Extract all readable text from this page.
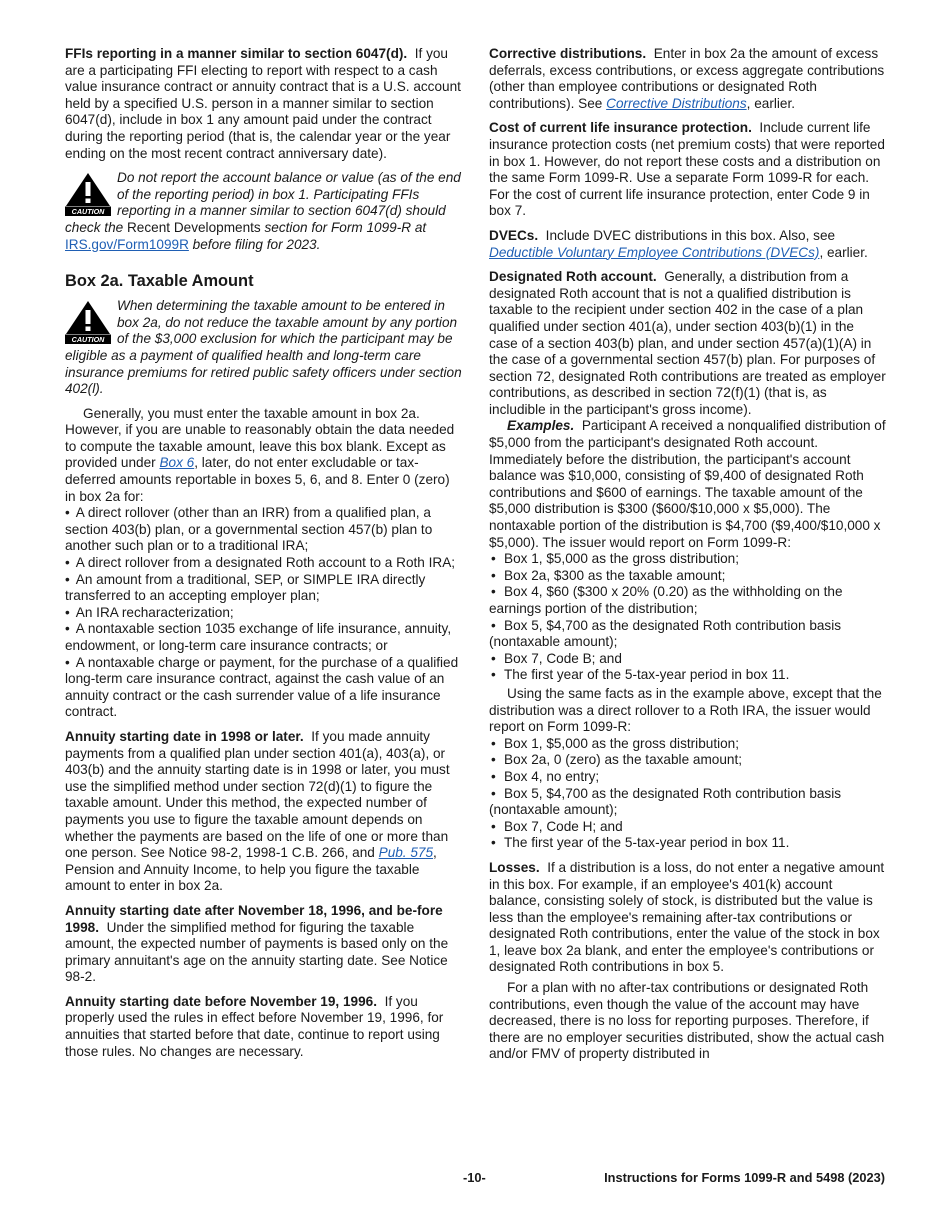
FFIs reporting in a manner similar to section 6047(d). If you are a participating FFI electing to report with respect to a cash value insurance contract or annuity contract that is a U.S. account held by a specified U.S. person in a manner similar to section 6047(d), include in box 1 any amount paid under the contract during the reporting period (that is, the calendar year or the year ending on the most recent contract anniversary date).

CAUTION
Do not report the account balance or value (as of the end of the reporting period) in box 1. Participating FFIs reporting in a manner similar to section 6047(d) should check the Recent Developments section for Form 1099-R at IRS.gov/Form1099R before filing for 2023.
Box 2a. Taxable Amount
CAUTION
When determining the taxable amount to be entered in box 2a, do not reduce the taxable amount by any portion of the $3,000 exclusion for which the participant may be eligible as a payment of qualified health and long-term care insurance premiums for retired public safety officers under section 402(l).

Generally, you must enter the taxable amount in box 2a. However, if you are unable to reasonably obtain the data needed to compute the taxable amount, leave this box blank. Except as provided under Box 6, later, do not enter excludable or tax-deferred amounts reportable in boxes 5, 6, and 8. Enter 0 (zero) in box 2a for:

• A direct rollover (other than an IRR) from a qualified plan, a section 403(b) plan, or a governmental section 457(b) plan to another such plan or to a traditional IRA;
• A direct rollover from a designated Roth account to a Roth IRA;
• An amount from a traditional, SEP, or SIMPLE IRA directly transferred to an accepting employer plan;
• An IRA recharacterization;
• A nontaxable section 1035 exchange of life insurance, annuity, endowment, or long-term care insurance contracts; or
• A nontaxable charge or payment, for the purchase of a qualified long-term care insurance contract, against the cash value of an annuity contract or the cash surrender value of a life insurance contract.

Annuity starting date in 1998 or later. If you made annuity payments from a qualified plan under section 401(a), 403(a), or 403(b) and the annuity starting date is in 1998 or later, you must use the simplified method under section 72(d)(1) to figure the taxable amount. Under this method, the expected number of payments you use to figure the taxable amount depends on whether the payments are based on the life of one or more than one person. See Notice 98-2, 1998-1 C.B. 266, and Pub. 575, Pension and Annuity Income, to help you figure the taxable amount to enter in box 2a.

Annuity starting date after November 18, 1996, and be-fore 1998. Under the simplified method for figuring the taxable amount, the expected number of payments is based only on the primary annuitant's age on the annuity starting date. See Notice 98-2.

Annuity starting date before November 19, 1996. If you properly used the rules in effect before November 19, 1996, for annuities that started before that date, continue to report using those rules. No changes are necessary.

Corrective distributions. Enter in box 2a the amount of excess deferrals, excess contributions, or excess aggregate contributions (other than employee contributions or designated Roth contributions). See Corrective Distributions, earlier.

Cost of current life insurance protection. Include current life insurance protection costs (net premium costs) that were reported in box 1. However, do not report these costs and a distribution on the same Form 1099-R. Use a separate Form 1099-R for each. For the cost of current life insurance protection, enter Code 9 in box 7.

DVECs. Include DVEC distributions in this box. Also, see Deductible Voluntary Employee Contributions (DVECs), earlier.

Designated Roth account. Generally, a distribution from a designated Roth account that is not a qualified distribution is taxable to the recipient under section 402 in the case of a plan qualified under section 401(a), under section 403(b)(1) in the case of a section 403(b) plan, and under section 457(a)(1)(A) in the case of a governmental section 457(b) plan. For purposes of section 72, designated Roth contributions are treated as employer contributions, as described in section 72(f)(1) (that is, as includible in the participant's gross income).

Examples. Participant A received a nonqualified distribution of $5,000 from the participant's designated Roth account. Immediately before the distribution, the participant's account balance was $10,000, consisting of $9,400 of designated Roth contributions and $600 of earnings. The taxable amount of the $5,000 distribution is $300 ($600/$10,000 x $5,000). The nontaxable portion of the distribution is $4,700 ($9,400/$10,000 x $5,000). The issuer would report on Form 1099-R:

• Box 1, $5,000 as the gross distribution;
• Box 2a, $300 as the taxable amount;
• Box 4, $60 ($300 x 20% (0.20) as the withholding on the earnings portion of the distribution;
• Box 5, $4,700 as the designated Roth contribution basis (nontaxable amount);
• Box 7, Code B; and
• The first year of the 5-tax-year period in box 11.

Using the same facts as in the example above, except that the distribution was a direct rollover to a Roth IRA, the issuer would report on Form 1099-R:

• Box 1, $5,000 as the gross distribution;
• Box 2a, 0 (zero) as the taxable amount;
• Box 4, no entry;
• Box 5, $4,700 as the designated Roth contribution basis (nontaxable amount);
• Box 7, Code H; and
• The first year of the 5-tax-year period in box 11.

Losses. If a distribution is a loss, do not enter a negative amount in this box. For example, if an employee's 401(k) account balance, consisting solely of stock, is distributed but the value is less than the employee's remaining after-tax contributions or designated Roth contributions, enter the value of the stock in box 1, leave box 2a blank, and enter the employee's contributions or designated Roth contributions in box 5.

For a plan with no after-tax contributions or designated Roth contributions, even though the value of the account may have decreased, there is no loss for reporting purposes. Therefore, if there are no employer securities distributed, show the actual cash and/or FMV of property distributed in

-10-	Instructions for Forms 1099-R and 5498 (2023)
